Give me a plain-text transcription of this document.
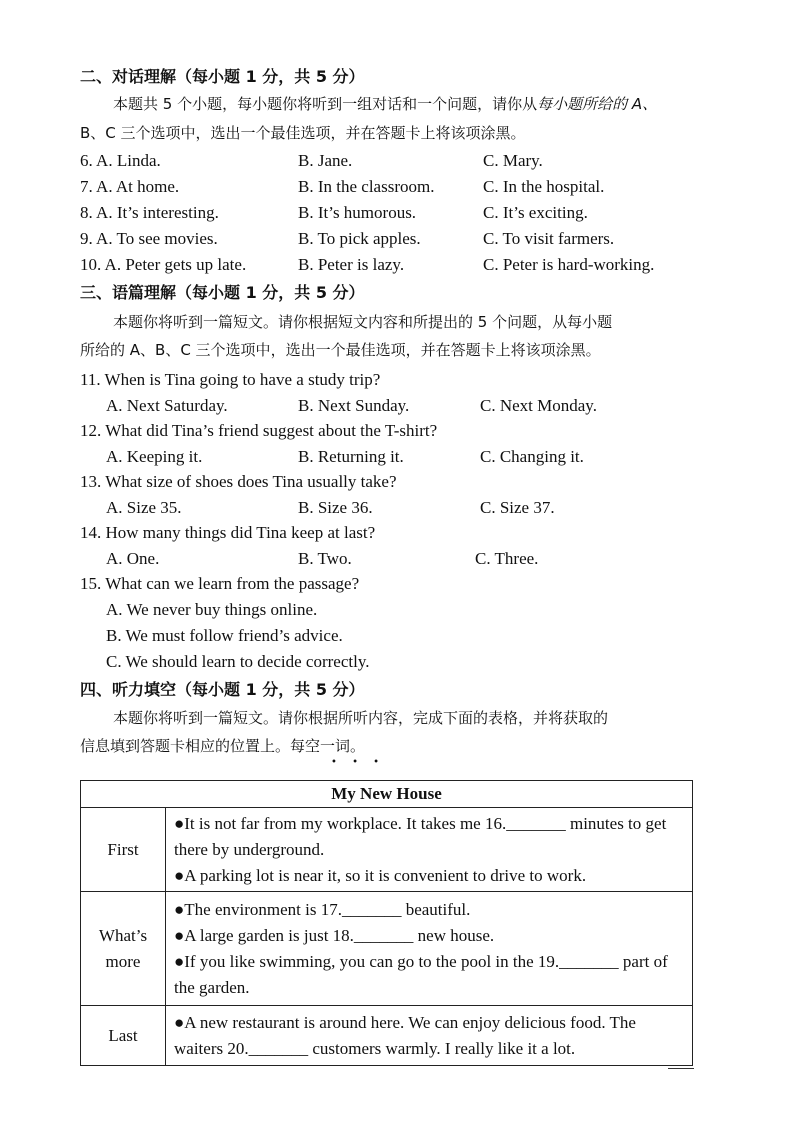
二、对话理解（每小题 1 分，共 5 分）
本题共 5 个小题，每小题你将听到一组对话和一个问题，请你从每小题所给的 A、
B、C 三个选项中，选出一个最佳选项，并在答题卡上将该项涂黑。
6. A. Linda.	B. Jane.	C. Mary.
7. A. At home.	B. In the classroom.	C. In the hospital.
8. A. It’s interesting.	B. It’s humorous.	C. It’s exciting.
9. A. To see movies.	B. To pick apples.	C. To visit farmers.
10. A. Peter gets up late.	B. Peter is lazy.	C. Peter is hard-working.
三、语篇理解（每小题 1 分，共 5 分）
本题你将听到一篇短文。请你根据短文内容和所提出的 5 个问题，从每小题
所给的 A、B、C 三个选项中，选出一个最佳选项，并在答题卡上将该项涂黑。
11. When is Tina going to have a study trip?
A. Next Saturday.	B. Next Sunday.	C. Next Monday.
12. What did Tina’s friend suggest about the T-shirt?
A. Keeping it.	B. Returning it.	C. Changing it.
13. What size of shoes does Tina usually take?
A. Size 35.	B. Size 36.	C. Size 37.
14. How many things did Tina keep at last?
A. One.	B. Two.	C. Three.
15. What can we learn from the passage?
A. We never buy things online.
B. We must follow friend’s advice.
C. We should learn to decide correctly.
四、听力填空（每小题 1 分，共 5 分）
本题你将听到一篇短文。请你根据所听内容，完成下面的表格，并将获取的
信息填到答题卡相应的位置上。每空一词。
• • •
My New House	
First	●It is not far from my workplace. It takes me 16._______ minutes to get there by underground.
●A parking lot is near it, so it is convenient to drive to work.

What’s more	●The environment is 17._______ beautiful.
●A large garden is just 18._______ new house.
●If you like swimming, you can go to the pool in the 19._______ part of the garden.

Last	●A new restaurant is around here. We can enjoy delicious food. The waiters 20._______ customers warmly. I really like it a lot.
